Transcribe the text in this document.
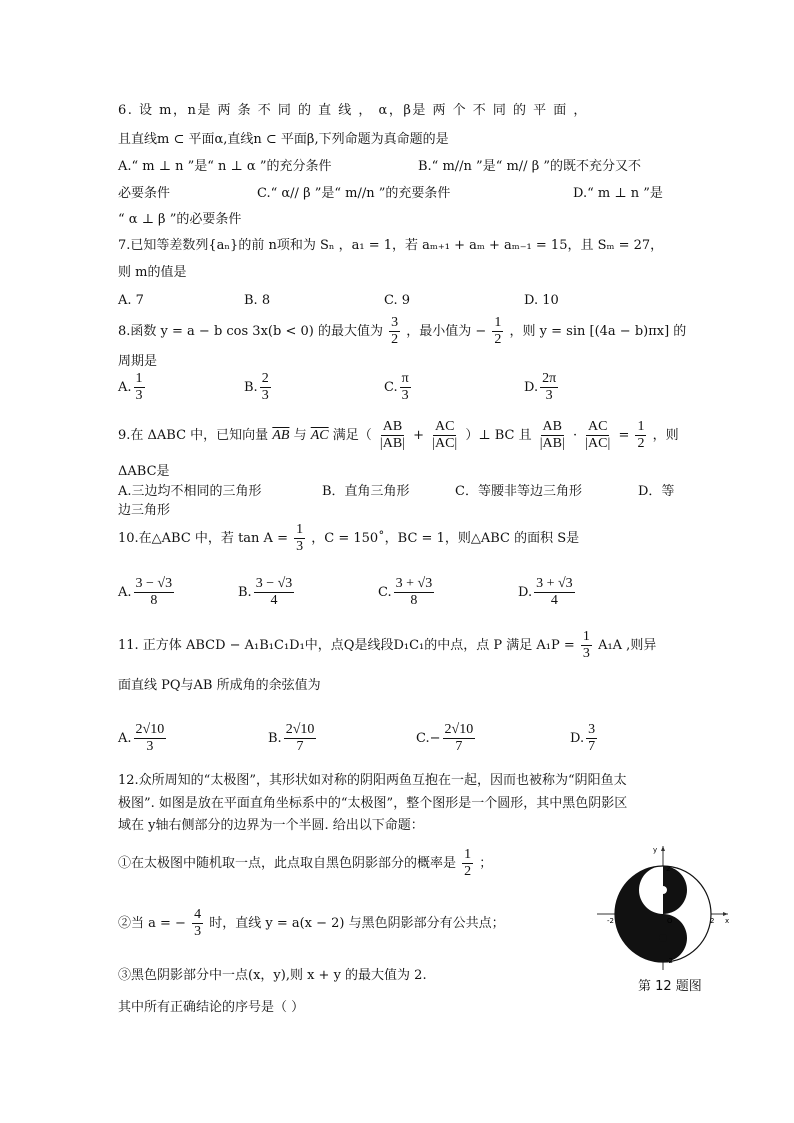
6. 设 m，n是 两 条 不 同 的 直 线 ， α，β是 两 个 不 同 的 平 面 ，
且直线m ⊂ 平面α,直线n ⊂ 平面β,下列命题为真命题的是
A.“ m ⊥ n ”是“ n ⊥ α ”的充分条件	B.“ m//n ”是“ m// β ”的既不充分又不
必要条件	C.“ α// β ”是“ m//n ”的充要条件	D.“ m ⊥ n ”是
“ α ⊥ β ”的必要条件
7.已知等差数列{aₙ}的前 n项和为 Sₙ ，a₁ = 1，若 aₘ₊₁ + aₘ + aₘ₋₁ = 15，且 Sₘ = 27，
则 m的值是
A. 7	B. 8	C. 9	D. 10
8.函数 y = a − b cos 3x(b < 0) 的最大值为 $\frac{3}{2}$ ，最小值为 − $\frac{1}{2}$ ，则 y = sin [(4a − b)πx] 的
周期是
A. $\frac{1}{3}$	B. $\frac{2}{3}$	C. $\frac{\pi}{3}$	D. $\frac{2\pi}{3}$
9.在 ΔABC 中，已知向量 $\overline{AB}$ 与 $\overline{AC}$ 满足（ $\frac{AB}{|AB|} + \frac{AC}{|AC|}$ ）⊥ BC 且 $\frac{AB}{|AB|} \cdot \frac{AC}{|AC|} = \frac{1}{2}$ ，则
ΔABC是
A.三边均不相同的三角形	B．直角三角形	C．等腰非等边三角形	D．等
边三角形
10.在△ABC 中，若 $\tan A = \frac{1}{3}$ ，C = 150˚，BC = 1，则△ABC 的面积 S是
A. $\frac{3 - √3}{8}$	B. $\frac{3 - √3}{4}$	C. $\frac{3 + √3}{8}$	D. $\frac{3 + √3}{4}$
11. 正方体 ABCD − A₁B₁C₁D₁中，点Q是线段D₁C₁的中点，点 P 满足 $A_1P = \frac{1}{3} A_1A$ ,则异
面直线 PQ与AB 所成角的余弦值为
A. $\frac{2√10}{3}$	B. $\frac{2√10}{7}$	$C.- \frac{2√10}{7}$	D. $\frac{3}{7}$
12.众所周知的“太极图”，其形状如对称的阴阳两鱼互抱在一起，因而也被称为“阴阳鱼太
极图”. 如图是放在平面直角坐标系中的“太极图”，整个图形是一个圆形，其中黑色阴影区
域在 y轴右侧部分的边界为一个半圆. 给出以下命题：
①在太极图中随机取一点，此点取自黑色阴影部分的概率是 $\frac{1}{2}$ ；
②当 a = − $\frac{4}{3}$ 时，直线 y = a(x − 2) 与黑色阴影部分有公共点；
③黑色阴影部分中一点(x，y),则 x + y 的最大值为 2.
其中所有正确结论的序号是（ ）
y
x
O	2
-2
2
-2
第 12 题图
